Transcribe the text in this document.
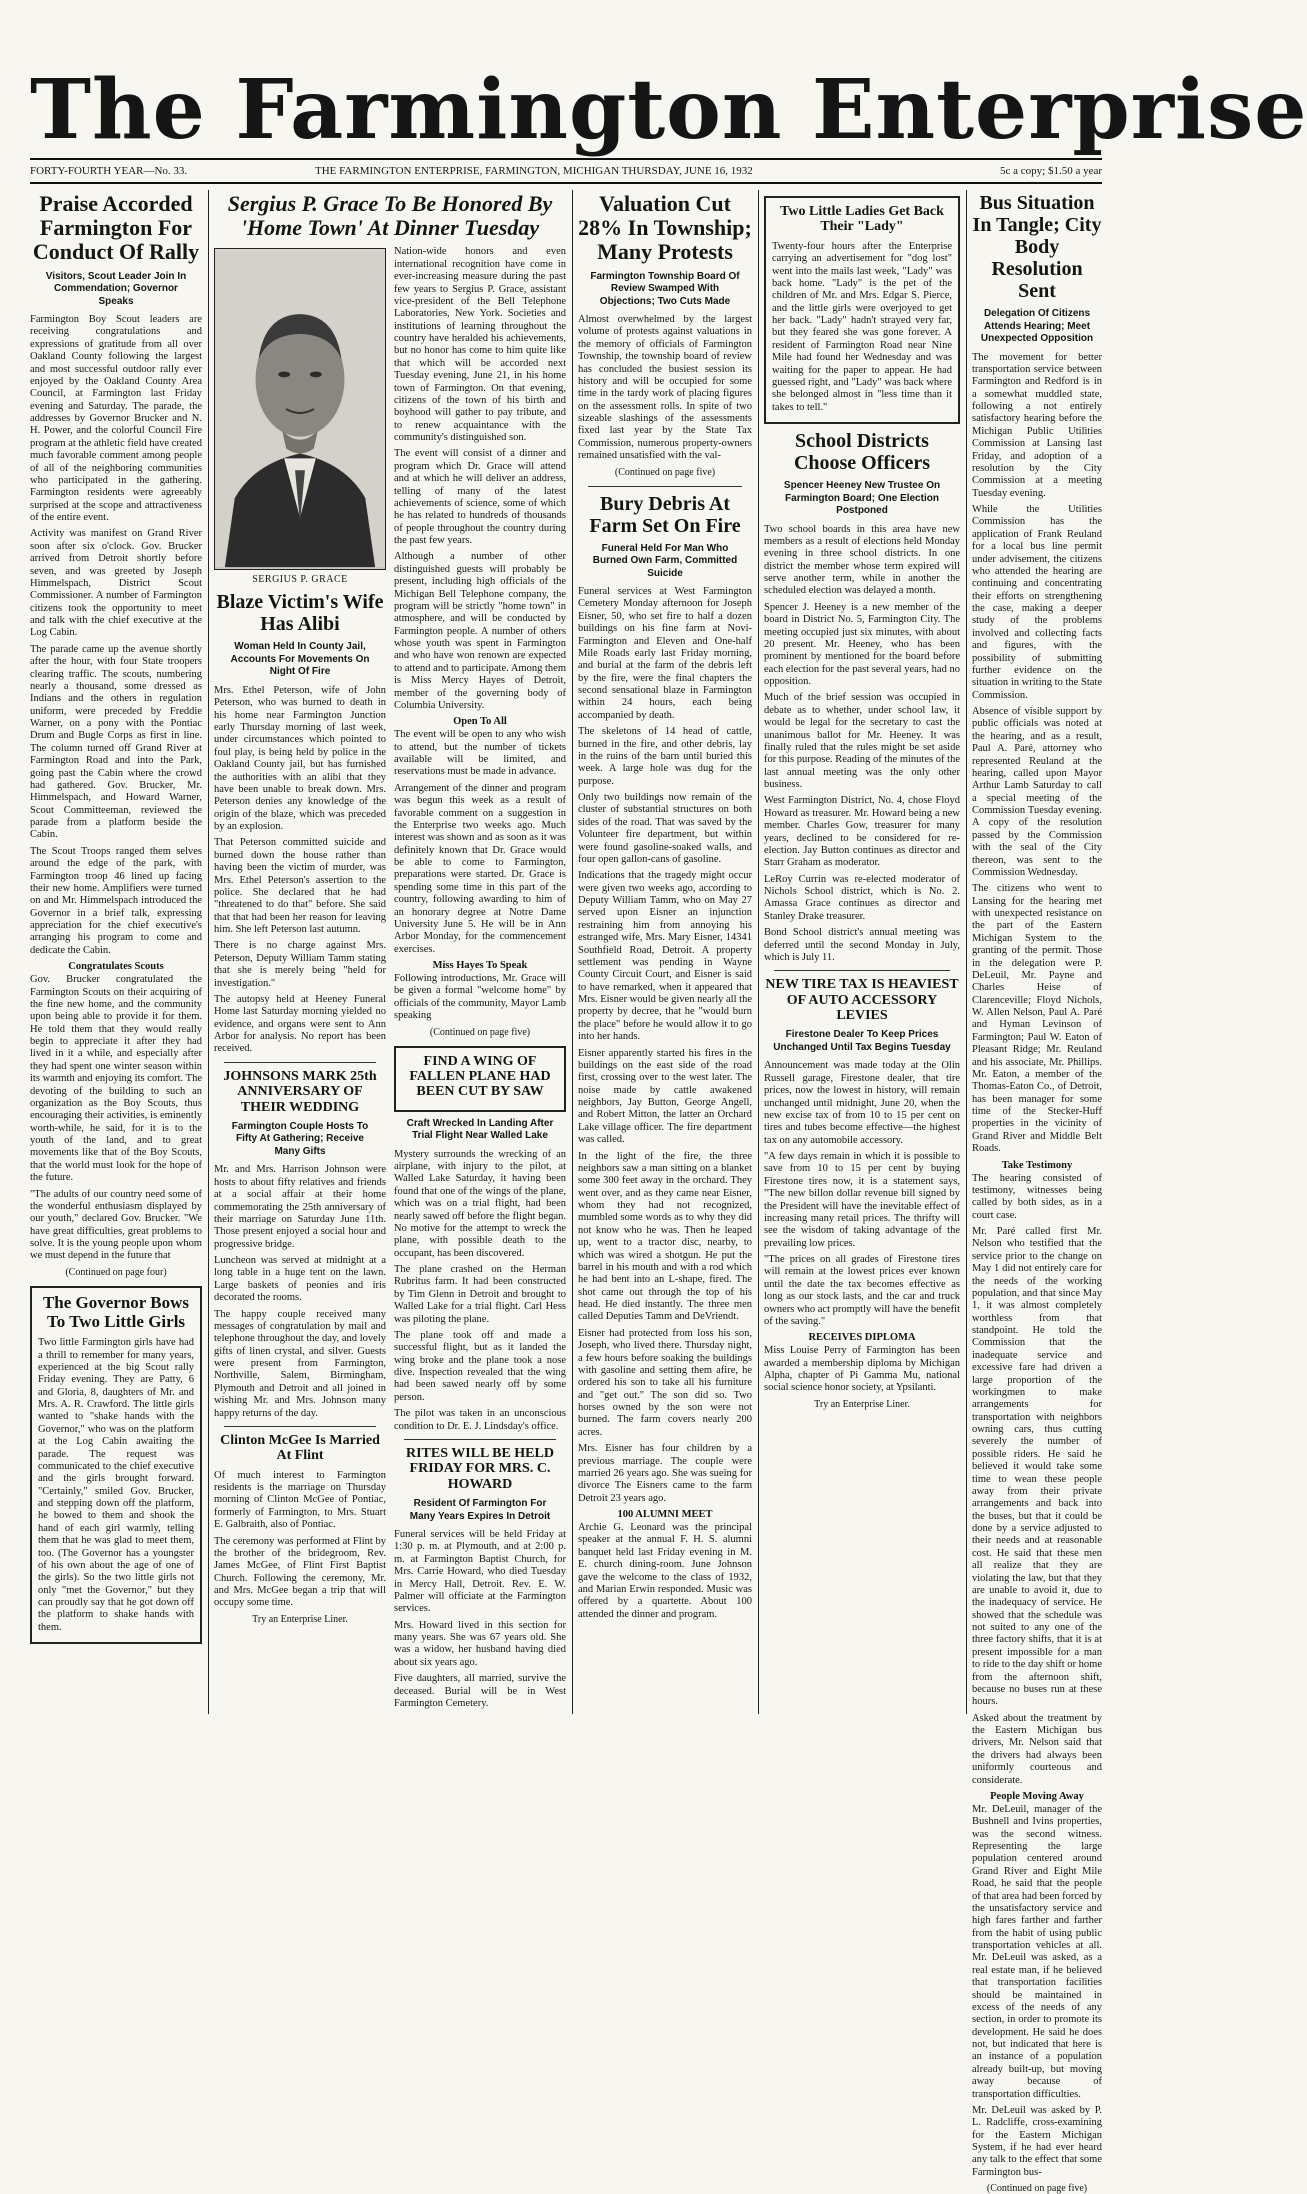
The Farmington Enterprise
FORTY-FOURTH YEAR—No. 33.	THE FARMINGTON ENTERPRISE, FARMINGTON, MICHIGAN THURSDAY, JUNE 16, 1932	5c a copy; $1.50 a year
Praise Accorded Farmington For Conduct Of Rally
Visitors, Scout Leader Join In Commendation; Governor Speaks

Farmington Boy Scout leaders are receiving congratulations and expressions of gratitude from all over Oakland County following the largest and most successful outdoor rally ever enjoyed by the Oakland County Area Council, at Farmington last Friday evening and Saturday. The parade, the addresses by Governor Brucker and N. H. Power, and the colorful Council Fire program at the athletic field have created much favorable comment among people of all of the neighboring communities who participated in the gathering. Farmington residents were agreeably surprised at the scope and attractiveness of the entire event.

Activity was manifest on Grand River soon after six o'clock. Gov. Brucker arrived from Detroit shortly before seven, and was greeted by Joseph Himmelspach, District Scout Commissioner. A number of Farmington citizens took the opportunity to meet and talk with the chief executive at the Log Cabin.

The parade came up the avenue shortly after the hour, with four State troopers clearing traffic. The scouts, numbering nearly a thousand, some dressed as Indians and the others in regulation uniform, were preceded by Freddie Warner, on a pony with the Pontiac Drum and Bugle Corps as first in line. The column turned off Grand River at Farmington Road and into the Park, going past the Cabin where the crowd had gathered. Gov. Brucker, Mr. Himmelspach, and Howard Warner, Scout Committeeman, reviewed the parade from a platform beside the Cabin.

The Scout Troops ranged them selves around the edge of the park, with Farmington troop 46 lined up facing their new home. Amplifiers were turned on and Mr. Himmelspach introduced the Governor in a brief talk, expressing appreciation for the chief executive's arranging his program to come and dedicate the Cabin.

Congratulates Scouts

Gov. Brucker congratulated the Farmington Scouts on their acquiring of the fine new home, and the community upon being able to provide it for them. He told them that they would really begin to appreciate it after they had lived in it a while, and especially after they had spent one winter season within its warmth and enjoying its comfort. The devoting of the building to such an organization as the Boy Scouts, thus encouraging their activities, is eminently worth-while, he said, for it is to the youth of the land, and to great movements like that of the Boy Scouts, that the world must look for the hope of the future.

"The adults of our country need some of the wonderful enthusiasm displayed by our youth," declared Gov. Brucker. "We have great difficulties, great problems to solve. It is the young people upon whom we must depend in the future that

(Continued on page four)
The Governor Bows To Two Little Girls

Two little Farmington girls have had a thrill to remember for many years, experienced at the big Scout rally Friday evening. They are Patty, 6 and Gloria, 8, daughters of Mr. and Mrs. A. R. Crawford. The little girls wanted to "shake hands with the Governor," who was on the platform at the Log Cabin awaiting the parade. The request was communicated to the chief executive and the girls brought forward. "Certainly," smiled Gov. Brucker, and stepping down off the platform, he bowed to them and shook the hand of each girl warmly, telling them that he was glad to meet them, too. (The Governor has a youngster of his own about the age of one of the girls). So the two little girls not only "met the Governor," but they can proudly say that he got down off the platform to shake hands with them.

Sergius P. Grace To Be Honored By 'Home Town' At Dinner Tuesday
SERGIUS P. GRACE
Blaze Victim's Wife Has Alibi
Woman Held In County Jail, Accounts For Movements On Night Of Fire

Mrs. Ethel Peterson, wife of John Peterson, who was burned to death in his home near Farmington Junction early Thursday morning of last week, under circumstances which pointed to foul play, is being held by police in the Oakland County jail, but has furnished the authorities with an alibi that they have been unable to break down. Mrs. Peterson denies any knowledge of the origin of the blaze, which was preceded by an explosion.

That Peterson committed suicide and burned down the house rather than having been the victim of murder, was Mrs. Ethel Peterson's assertion to the police. She declared that he had "threatened to do that" before. She said that that had been her reason for leaving him. She left Peterson last autumn.

There is no charge against Mrs. Peterson, Deputy William Tamm stating that she is merely being "held for investigation."

The autopsy held at Heeney Funeral Home last Saturday morning yielded no evidence, and organs were sent to Ann Arbor for analysis. No report has been received.

JOHNSONS MARK 25th ANNIVERSARY OF THEIR WEDDING
Farmington Couple Hosts To Fifty At Gathering; Receive Many Gifts

Mr. and Mrs. Harrison Johnson were hosts to about fifty relatives and friends at a social affair at their home commemorating the 25th anniversary of their marriage on Saturday June 11th. Those present enjoyed a social hour and progressive bridge.

Luncheon was served at midnight at a long table in a huge tent on the lawn. Large baskets of peonies and iris decorated the rooms.

The happy couple received many messages of congratulation by mail and telephone throughout the day, and lovely gifts of linen crystal, and silver. Guests were present from Farmington, Northville, Salem, Birmingham, Plymouth and Detroit and all joined in wishing Mr. and Mrs. Johnson many happy returns of the day.

Clinton McGee Is Married At Flint

Of much interest to Farmington residents is the marriage on Thursday morning of Clinton McGee of Pontiac, formerly of Farmington, to Mrs. Stuart E. Galbraith, also of Pontiac.

The ceremony was performed at Flint by the brother of the bridegroom, Rev. James McGee, of Flint First Baptist Church. Following the ceremony, Mr. and Mrs. McGee began a trip that will occupy some time.

Try an Enterprise Liner.

Nation-wide honors and even international recognition have come in ever-increasing measure during the past few years to Sergius P. Grace, assistant vice-president of the Bell Telephone Laboratories, New York. Societies and institutions of learning throughout the country have heralded his achievements, but no honor has come to him quite like that which will be accorded next Tuesday evening, June 21, in his home town of Farmington. On that evening, citizens of the town of his birth and boyhood will gather to pay tribute, and to renew acquaintance with the community's distinguished son.

The event will consist of a dinner and program which Dr. Grace will attend and at which he will deliver an address, telling of many of the latest achievements of science, some of which he has related to hundreds of thousands of people throughout the country during the past few years.

Although a number of other distinguished guests will probably be present, including high officials of the Michigan Bell Telephone company, the program will be strictly "home town" in atmosphere, and will be conducted by Farmington people. A number of others whose youth was spent in Farmington and who have won renown are expected to attend and to participate. Among them is Miss Mercy Hayes of Detroit, member of the governing body of Columbia University.

Open To All

The event will be open to any who wish to attend, but the number of tickets available will be limited, and reservations must be made in advance.

Arrangement of the dinner and program was begun this week as a result of favorable comment on a suggestion in the Enterprise two weeks ago. Much interest was shown and as soon as it was definitely known that Dr. Grace would be able to come to Farmington, preparations were started. Dr. Grace is spending some time in this part of the country, following awarding to him of an honorary degree at Notre Dame University June 5. He will be in Ann Arbor Monday, for the commencement exercises.

Miss Hayes To Speak

Following introductions, Mr. Grace will be given a formal "welcome home" by officials of the community, Mayor Lamb speaking

(Continued on page five)
FIND A WING OF FALLEN PLANE HAD BEEN CUT BY SAW
Craft Wrecked In Landing After Trial Flight Near Walled Lake

Mystery surrounds the wrecking of an airplane, with injury to the pilot, at Walled Lake Saturday, it having been found that one of the wings of the plane, which was on a trial flight, had been nearly sawed off before the flight began. No motive for the attempt to wreck the plane, with possible death to the occupant, has been discovered.

The plane crashed on the Herman Rubritus farm. It had been constructed by Tim Glenn in Detroit and brought to Walled Lake for a trial flight. Carl Hess was piloting the plane.

The plane took off and made a successful flight, but as it landed the wing broke and the plane took a nose dive. Inspection revealed that the wing had been sawed nearly off by some person.

The pilot was taken in an unconscious condition to Dr. E. J. Lindsday's office.

RITES WILL BE HELD FRIDAY FOR MRS. C. HOWARD
Resident Of Farmington For Many Years Expires In Detroit

Funeral services will be held Friday at 1:30 p. m. at Plymouth, and at 2:00 p. m. at Farmington Baptist Church, for Mrs. Carrie Howard, who died Tuesday in Mercy Hall, Detroit. Rev. E. W. Palmer will officiate at the Farmington services.

Mrs. Howard lived in this section for many years. She was 67 years old. She was a widow, her husband having died about six years ago.

Five daughters, all married, survive the deceased. Burial will be in West Farmington Cemetery.

Valuation Cut 28% In Township; Many Protests
Farmington Township Board Of Review Swamped With Objections; Two Cuts Made

Almost overwhelmed by the largest volume of protests against valuations in the memory of officials of Farmington Township, the township board of review has concluded the busiest session its history and will be occupied for some time in the tardy work of placing figures on the assessment rolls. In spite of two sizeable slashings of the assessments fixed last year by the State Tax Commission, numerous property-owners remained unsatisfied with the val-

(Continued on page five)
Bury Debris At Farm Set On Fire
Funeral Held For Man Who Burned Own Farm, Committed Suicide

Funeral services at West Farmington Cemetery Monday afternoon for Joseph Eisner, 50, who set fire to half a dozen buildings on his fine farm at Novi-Farmington and Eleven and One-half Mile Roads early last Friday morning, and burial at the farm of the debris left by the fire, were the final chapters the second sensational blaze in Farmington within 24 hours, each being accompanied by death.

The skeletons of 14 head of cattle, burned in the fire, and other debris, lay in the ruins of the barn until buried this week. A large hole was dug for the purpose.

Only two buildings now remain of the cluster of substantial structures on both sides of the road. That was saved by the Volunteer fire department, but within were found gasoline-soaked walls, and four open gallon-cans of gasoline.

Indications that the tragedy might occur were given two weeks ago, according to Deputy William Tamm, who on May 27 served upon Eisner an injunction restraining him from annoying his estranged wife, Mrs. Mary Eisner, 14341 Southfield Road, Detroit. A property settlement was pending in Wayne County Circuit Court, and Eisner is said to have remarked, when it appeared that Mrs. Eisner would be given nearly all the property by decree, that he "would burn the place" before he would allow it to go into her hands.

Eisner apparently started his fires in the buildings on the east side of the road first, crossing over to the west later. The noise made by cattle awakened neighbors, Jay Button, George Angell, and Robert Mitton, the latter an Orchard Lake village officer. The fire department was called.

In the light of the fire, the three neighbors saw a man sitting on a blanket some 300 feet away in the orchard. They went over, and as they came near Eisner, whom they had not recognized, mumbled some words as to why they did not know who he was. Then he leaped up, went to a tractor disc, nearby, to which was wired a shotgun. He put the barrel in his mouth and with a rod which he had bent into an L-shape, fired. The shot came out through the top of his head. He died instantly. The three men called Deputies Tamm and DeVriendt.

Eisner had protected from loss his son, Joseph, who lived there. Thursday night, a few hours before soaking the buildings with gasoline and setting them afire, he ordered his son to take all his furniture and "get out." The son did so. Two horses owned by the son were not burned. The farm covers nearly 200 acres.

Mrs. Eisner has four children by a previous marriage. The couple were married 26 years ago. She was sueing for divorce The Eisners came to the farm Detroit 23 years ago.

100 ALUMNI MEET

Archie G. Leonard was the principal speaker at the annual F. H. S. alumni banquet held last Friday evening in M. E. church dining-room. June Johnson gave the welcome to the class of 1932, and Marian Erwin responded. Music was offered by a quartette. About 100 attended the dinner and program.

Two Little Ladies Get Back Their "Lady"

Twenty-four hours after the Enterprise carrying an advertisement for "dog lost" went into the mails last week, "Lady" was back home. "Lady" is the pet of the children of Mr. and Mrs. Edgar S. Pierce, and the little girls were overjoyed to get her back. "Lady" hadn't strayed very far, but they feared she was gone forever. A resident of Farmington Road near Nine Mile had found her Wednesday and was waiting for the paper to appear. He had guessed right, and "Lady" was back where she belonged almost in "less time than it takes to tell."

School Districts Choose Officers
Spencer Heeney New Trustee On Farmington Board; One Election Postponed

Two school boards in this area have new members as a result of elections held Monday evening in three school districts. In one district the member whose term expired will serve another term, while in another the scheduled election was delayed a month.

Spencer J. Heeney is a new member of the board in District No. 5, Farmington City. The meeting occupied just six minutes, with about 20 present. Mr. Heeney, who has been prominent by mentioned for the board before each election for the past several years, had no opposition.

Much of the brief session was occupied in debate as to whether, under school law, it would be legal for the secretary to cast the unanimous ballot for Mr. Heeney. It was finally ruled that the rules might be set aside for this purpose. Reading of the minutes of the last annual meeting was the only other business.

West Farmington District, No. 4, chose Floyd Howard as treasurer. Mr. Howard being a new member. Charles Gow, treasurer for many years, declined to be considered for re-election. Jay Button continues as director and Starr Graham as moderator.

LeRoy Currin was re-elected moderator of Nichols School district, which is No. 2. Amassa Grace continues as director and Stanley Drake treasurer.

Bond School district's annual meeting was deferred until the second Monday in July, which is July 11.

NEW TIRE TAX IS HEAVIEST OF AUTO ACCESSORY LEVIES
Firestone Dealer To Keep Prices Unchanged Until Tax Begins Tuesday

Announcement was made today at the Olin Russell garage, Firestone dealer, that tire prices, now the lowest in history, will remain unchanged until midnight, June 20, when the new excise tax of from 10 to 15 per cent on tires and tubes become effective—the highest tax on any automobile accessory.

"A few days remain in which it is possible to save from 10 to 15 per cent by buying Firestone tires now, it is a statement says, "The new billon dollar revenue bill signed by the President will have the inevitable effect of increasing many retail prices. The thrifty will see the wisdom of taking advantage of the prevailing low prices.

"The prices on all grades of Firestone tires will remain at the lowest prices ever known until the date the tax becomes effective as long as our stock lasts, and the car and truck owners who act promptly will have the benefit of the saving."

RECEIVES DIPLOMA

Miss Louise Perry of Farmington has been awarded a membership diploma by Michigan Alpha, chapter of Pi Gamma Mu, national social science honor society, at Ypsilanti.

Try an Enterprise Liner.
Bus Situation In Tangle; City Body Resolution Sent
Delegation Of Citizens Attends Hearing; Meet Unexpected Opposition

The movement for better transportation service between Farmington and Redford is in a somewhat muddled state, following a not entirely satisfactory hearing before the Michigan Public Utilities Commission at Lansing last Friday, and adoption of a resolution by the City Commission at a meeting Tuesday evening.

While the Utilities Commission has the application of Frank Reuland for a local bus line permit under advisement, the citizens who attended the hearing are continuing and concentrating their efforts on strengthening the case, making a deeper study of the problems involved and collecting facts and figures, with the possibility of submitting further evidence on the situation in writing to the State Commission.

Absence of visible support by public officials was noted at the hearing, and as a result, Paul A. Paré, attorney who represented Reuland at the hearing, called upon Mayor Arthur Lamb Saturday to call a special meeting of the Commission Tuesday evening. A copy of the resolution passed by the Commission with the seal of the City thereon, was sent to the Commission Wednesday.

The citizens who went to Lansing for the hearing met with unexpected resistance on the part of the Eastern Michigan System to the granting of the permit. Those in the delegation were P. DeLeuil, Mr. Payne and Charles Heise of Clarenceville; Floyd Nichols, W. Allen Nelson, Paul A. Paré and Hyman Levinson of Farmington; Paul W. Eaton of Pleasant Ridge; Mr. Reuland and his associate, Mr. Phillips. Mr. Eaton, a member of the Thomas-Eaton Co., of Detroit, has been manager for some time of the Stecker-Huff properties in the vicinity of Grand River and Middle Belt Roads.

Take Testimony

The hearing consisted of testimony, witnesses being called by both sides, as in a court case.

Mr. Paré called first Mr. Nelson who testified that the service prior to the change on May 1 did not entirely care for the needs of the working population, and that since May 1, it was almost completely worthless from that standpoint. He told the Commission that the inadequate service and excessive fare had driven a large proportion of the workingmen to make arrangements for transportation with neighbors owning cars, thus cutting severely the number of possible riders. He said he believed it would take some time to wean these people away from their private arrangements and back into the buses, but that it could be done by a service adjusted to their needs and at reasonable cost. He said that these men all realize that they are violating the law, but that they are unable to avoid it, due to the inadequacy of service. He showed that the schedule was not suited to any one of the three factory shifts, that it is at present impossible for a man to ride to the day shift or home from the afternoon shift, because no buses run at these hours.

Asked about the treatment by the Eastern Michigan bus drivers, Mr. Nelson said that the drivers had always been uniformly courteous and considerate.

People Moving Away

Mr. DeLeuil, manager of the Bushnell and Ivins properties, was the second witness. Representing the large population centered around Grand River and Eight Mile Road, he said that the people of that area had been forced by the unsatisfactory service and high fares farther and farther from the habit of using public transportation vehicles at all. Mr. DeLeuil was asked, as a real estate man, if he believed that transportation facilities should be maintained in excess of the needs of any section, in order to promote its development. He said he does not, but indicated that here is an instance of a population already built-up, but moving away because of transportation difficulties.

Mr. DeLeuil was asked by P. L. Radcliffe, cross-examining for the Eastern Michigan System, if he had ever heard any talk to the effect that some Farmington bus-

(Continued on page five)
